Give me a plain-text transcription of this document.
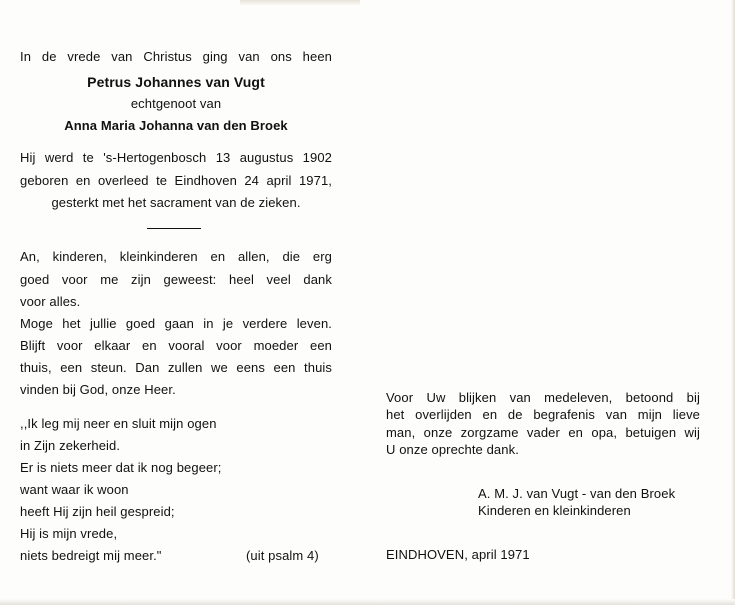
In de vrede van Christus ging van ons heen
Petrus Johannes van Vugt
echtgenoot van
Anna Maria Johanna van den Broek
Hij werd te 's-Hertogenbosch 13 augustus 1902
geboren en overleed te Eindhoven 24 april 1971,
gesterkt met het sacrament van de zieken.
An, kinderen, kleinkinderen en allen, die erg
goed voor me zijn geweest: heel veel dank
voor alles.
Moge het jullie goed gaan in je verdere leven.
Blijft voor elkaar en vooral voor moeder een
thuis, een steun. Dan zullen we eens een thuis
vinden bij God, onze Heer.
,,Ik leg mij neer en sluit mijn ogen
in Zijn zekerheid.
Er is niets meer dat ik nog begeer;
want waar ik woon
heeft Hij zijn heil gespreid;
Hij is mijn vrede,
niets bedreigt mij meer."	(uit psalm 4)
Voor Uw blijken van medeleven, betoond bij
het overlijden en de begrafenis van mijn lieve
man, onze zorgzame vader en opa, betuigen wij
U onze oprechte dank.
A. M. J. van Vugt - van den Broek
Kinderen en kleinkinderen
EINDHOVEN, april 1971
